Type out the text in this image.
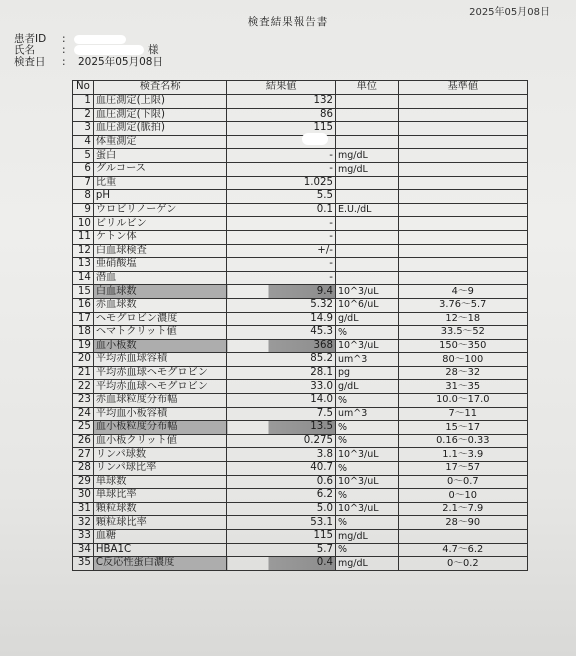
2025年05月08日
検査結果報告書
患者ID :
氏名	:	様
検査日 : 2025年05月08日
No	検査名称	結果値	単位	基準値
1	血圧測定(上限)	132		
2	血圧測定(下限)	86		
3	血圧測定(脈拍)	115		
4	体重測定			
5	蛋白	-	mg/dL	
6	グルコース	-	mg/dL	
7	比重	1.025		
8	pH	5.5		
9	ウロビリノーゲン	0.1	E.U./dL	
10	ビリルビン	-		
11	ケトン体	-		
12	白血球検査	+/-		
13	亜硝酸塩	-		
14	潜血	-		
15	白血球数	9.4	10^3/uL	4～9
16	赤血球数	5.32	10^6/uL	3.76～5.7
17	ヘモグロビン濃度	14.9	g/dL	12～18
18	ヘマトクリット値	45.3	%	33.5～52
19	血小板数	368	10^3/uL	150～350
20	平均赤血球容積	85.2	um^3	80～100
21	平均赤血球ヘモグロビン	28.1	pg	28～32
22	平均赤血球ヘモグロビン	33.0	g/dL	31～35
23	赤血球粒度分布幅	14.0	%	10.0～17.0
24	平均血小板容積	7.5	um^3	7～11
25	血小板粒度分布幅	13.5	%	15～17
26	血小板クリット値	0.275	%	0.16～0.33
27	リンパ球数	3.8	10^3/uL	1.1～3.9
28	リンパ球比率	40.7	%	17～57
29	単球数	0.6	10^3/uL	0～0.7
30	単球比率	6.2	%	0～10
31	顆粒球数	5.0	10^3/uL	2.1～7.9
32	顆粒球比率	53.1	%	28～90
33	血糖	115	mg/dL	
34	HBA1C	5.7	%	4.7～6.2
35	C反応性蛋白濃度	0.4	mg/dL	0～0.2
